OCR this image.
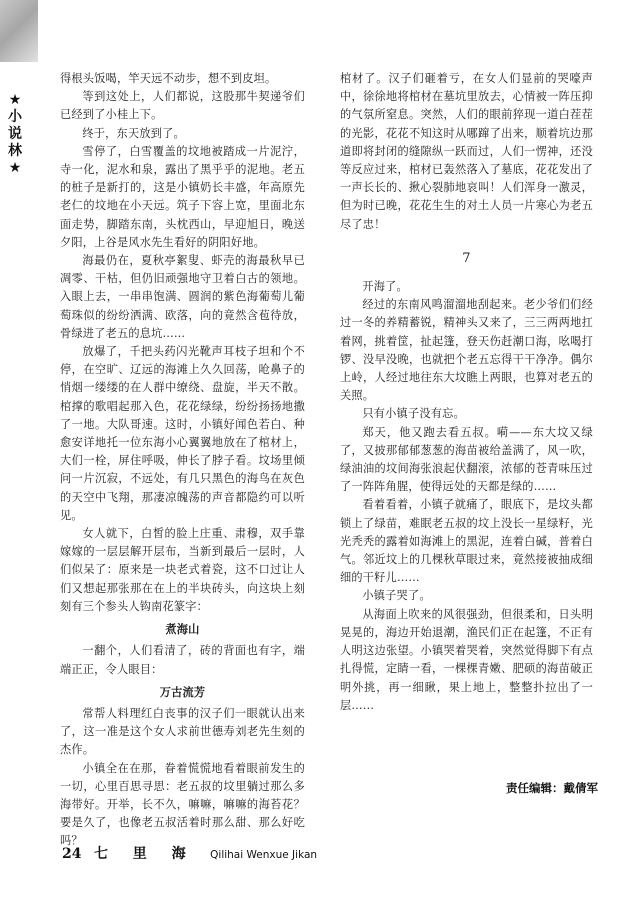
★
小
说
林
★

得根头饭喝，竿天远不动步，想不到皮坦。

等到这处上，人们都说，这股那牛契递爷们已经到了小桂上下。

终于，东天放到了。

雪停了，白雪覆盖的坟地被踏成一片泥泞，寺一化，泥水和泉，露出了黑乎乎的泥地。老五的桩子是新打的，这是小镇奶长丰盛，年高原先老仁的坟地在小天远。筑子下容上宽，里面北东面走势，脚踏东南，头枕西山，早迎旭日，晚送夕阳，上谷是风水先生看好的阴阳好地。

海最仍在，夏秋亭絮叟、虾壳的海最秋早已凋零、干枯，但仍旧顽强地守卫着白古的领地。入眼上去，一串串饱满、圆润的紫色海葡萄儿葡萄珠似的纷纷洒满、欧落，向的竟然含苞待放，骨绿进了老五的息坑……

放爆了，千把头药闪光靴声耳枝子坦和个不停，在空旷、辽远的海滩上久久回荡，呛鼻子的悄烟一缕缕的在人群中缭绕、盘旋，半天不散。棺撑的歌唱起那入色，花花绿绿，纷纷扬扬地撒了一地。大队哥速。这时，小镇好闻色若白、种愈安详地托一位东海小心翼翼地放在了棺材上，大们一栓，屏住呼吸，伸长了脖子看。坟场里倾问一片沉寂，不远处，有几只黑色的海鸟在灰色的天空中飞翔，那凄凉魄荡的声音都隐约可以听见。

女人就下，白皙的脸上庄重、肃穆，双手靠嫁嫁的一层层解开层布，当新到最后一层时，人们似呆了：原来是一块老式着瓷，这不口过让人们又想起那张那在在上的半块砖头，向这块上刻刻有三个参头人钩南花篆字：

煮海山

一翻个，人们看清了，砖的背面也有字，端端正正，令人眼目：

万古流芳

常帮人料理红白丧事的汉子们一眼就认出来了，这一准是这个女人求前世德寿刘老先生刻的杰作。

小镇全在在那，眷着慌慌地看着眼前发生的一切，心里百思寻思：老五叔的坟里躺过那么多海带好。开举，长不久，嘛嘛，嘛嘛的海苔花？要是久了，也像老五叔活着时那么甜、那么好吃吗？

棺材了。汉子们砸着亏，在女人们显前的哭嚎声中，徐徐地将棺材在墓坑里放去，心情被一阵压抑的气氛所窒息。突然，人们的眼前猝现一道白茬茬的光影，花花不知这时从哪蹿了出来，顺着坑边那道即将封闭的缝隙纵一跃而过，人们一愣神，还没等反应过来，棺材已轰然落入了墓底，花花发出了一声长长的、揪心裂肺地哀叫！人们浑身一激灵，但为时已晚，花花生生的对土人员一片寒心为老五尽了忠！

7

开海了。

经过的东南风鸣溜溜地刮起来。老少爷们们经过一冬的养精蓄锐，精神头又来了，三三两两地扛着网，挑着筐，扯起篷，登天伤赶潮口海，吆喝打锣、没早没晚，也就把个老五忘得干干净净。偶尔上岭，人经过地往东大坟瞧上两眼，也算对老五的关照。

只有小镇子没有忘。

郑天，他又跑去看五叔。嗬——东大坟又绿了，又披那郁郁葱葱的海苗被给盖满了，风一吹，绿油油的坟间海张浪起伏翻滚，浓郁的苍青味压过了一阵阵角腥，使得远处的天都是绿的……

看着看着，小镇子就痛了，眼底下，是坟头都锁上了绿苗，难眠老五叔的坟上没长一星绿籽，光光秃秃的露着如海滩上的黑泥，连着白碱，普着白气。邻近坟上的几棵秋草眼过来，竟然接被抽成细细的干籽儿……

小镇子哭了。

从海面上吹来的风很强劲，但很柔和，日头明晃晃的，海边开始退潮，渔民们正在起篷，不正有人明这边张望。小镇哭着哭着，突然觉得脚下有点扎得慌，定睛一看，一棵棵青嫩、肥硕的海苗破正明外挑，再一细瞅，果上地上，整整扑拉出了一层……

责任编辑：戴倩军
24 七 里 海 Qilihai Wenxue Jikan
